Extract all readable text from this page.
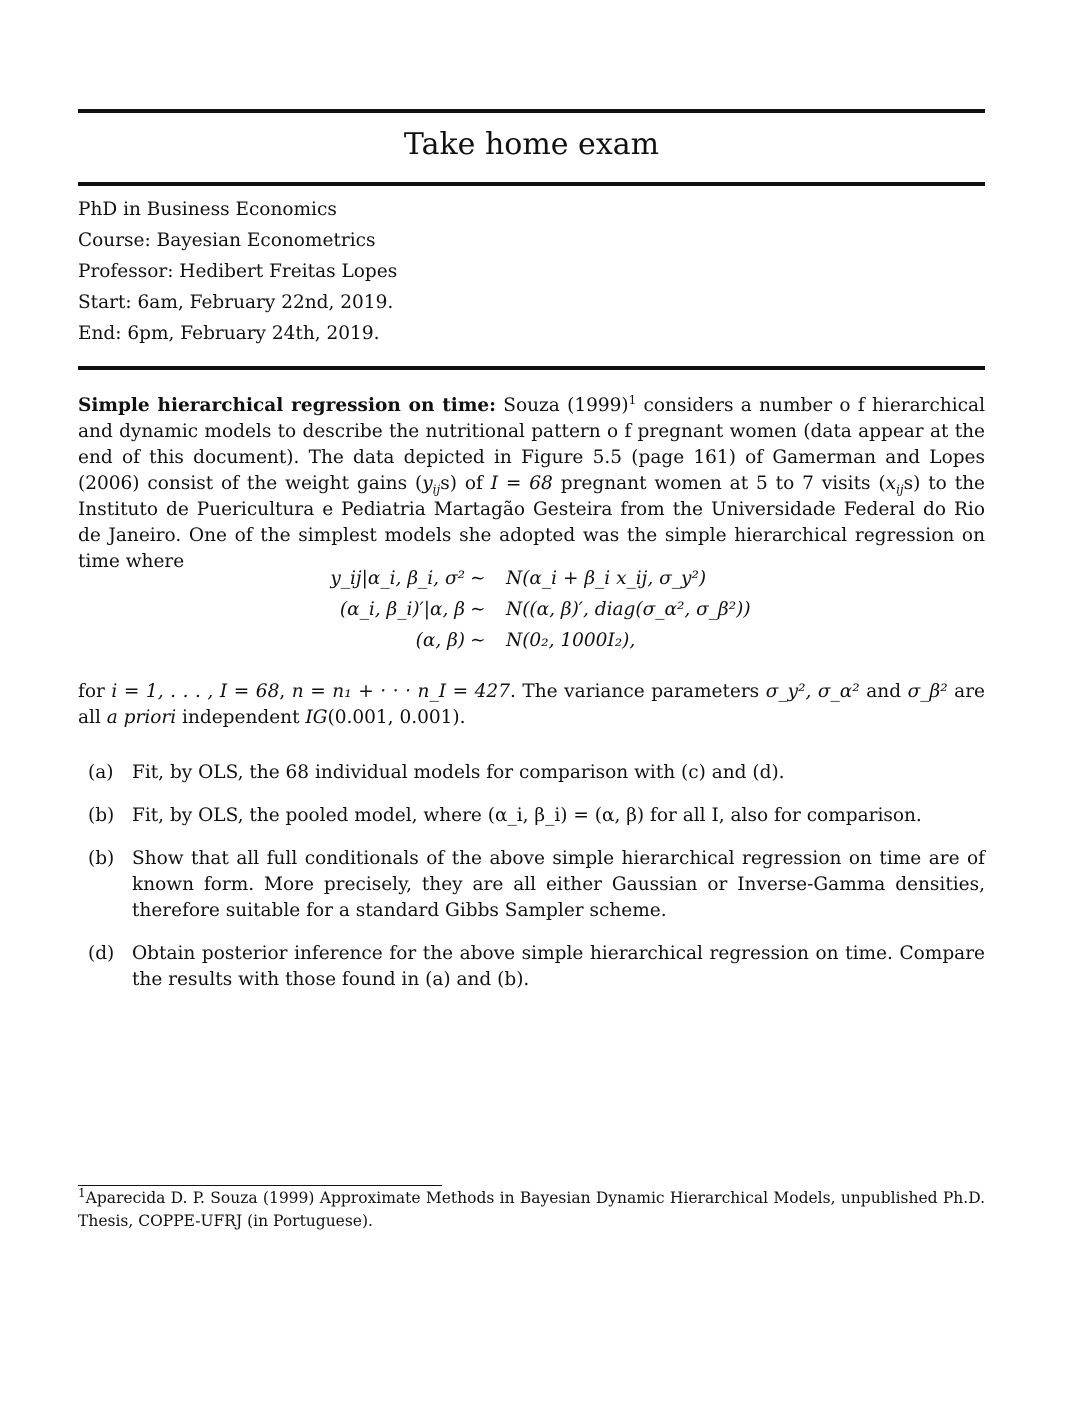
Take home exam
PhD in Business Economics
Course: Bayesian Econometrics
Professor: Hedibert Freitas Lopes
Start: 6am, February 22nd, 2019.
End: 6pm, February 24th, 2019.
Simple hierarchical regression on time: Souza $(1999)^1$ considers a number o f hierarchical and dynamic models to describe the nutritional pattern o f pregnant women (data appear at the end of this document). The data depicted in Figure 5.5 (page 161) of Gamerman and Lopes (2006) consist of the weight gains $(y_{ij}s)$ of I = 68 pregnant women at 5 to 7 visits $(x_{ij}s)$ to the Instituto de Puericultura e Pediatria Martagão Gesteira from the Universidade Federal do Rio de Janeiro. One of the simplest models she adopted was the simple hierarchical regression on time where
y_ij|α_i, β_i, σ² ∼ N(α_i + β_i x_ij, σ_y²)
(α_i, β_i)′|α, β ∼ N((α, β)′, diag(σ_α², σ_β²))
(α, β) ∼ N(0₂, 1000I₂),
for i = 1, . . . , I = 68, n = n₁ + · · · n_I = 427. The variance parameters σ_y², σ_α² and σ_β² are all a priori independent IG(0.001, 0.001).
(a) Fit, by OLS, the 68 individual models for comparison with (c) and (d).
(b) Fit, by OLS, the pooled model, where (α_i, β_i) = (α, β) for all I, also for comparison.
(b) Show that all full conditionals of the above simple hierarchical regression on time are of known form. More precisely, they are all either Gaussian or Inverse-Gamma densities, therefore suitable for a standard Gibbs Sampler scheme.
(d) Obtain posterior inference for the above simple hierarchical regression on time. Compare the results with those found in (a) and (b).
$^1$Aparecida D. P. Souza (1999) Approximate Methods in Bayesian Dynamic Hierarchical Models, unpublished Ph.D. Thesis, COPPE-UFRJ (in Portuguese).
